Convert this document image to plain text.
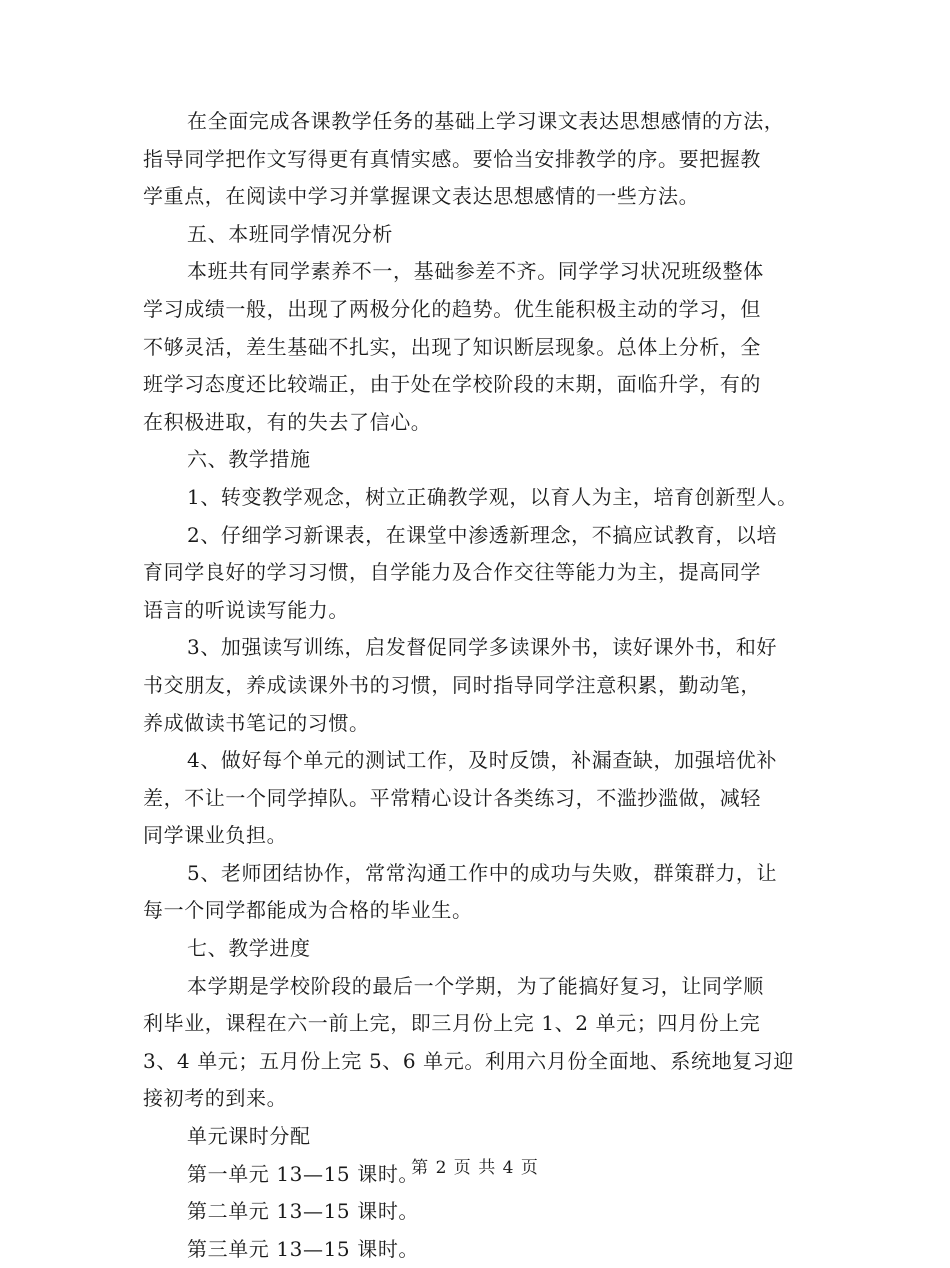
在全面完成各课教学任务的基础上学习课文表达思想感情的方法，
指导同学把作文写得更有真情实感。要恰当安排教学的序。要把握教
学重点，在阅读中学习并掌握课文表达思想感情的一些方法。

五、本班同学情况分析

本班共有同学素养不一，基础参差不齐。同学学习状况班级整体
学习成绩一般，出现了两极分化的趋势。优生能积极主动的学习，但
不够灵活，差生基础不扎实，出现了知识断层现象。总体上分析，全
班学习态度还比较端正，由于处在学校阶段的末期，面临升学，有的
在积极进取，有的失去了信心。

六、教学措施

1、转变教学观念，树立正确教学观，以育人为主，培育创新型人。

2、仔细学习新课表，在课堂中渗透新理念，不搞应试教育，以培
育同学良好的学习习惯，自学能力及合作交往等能力为主，提高同学
语言的听说读写能力。

3、加强读写训练，启发督促同学多读课外书，读好课外书，和好
书交朋友，养成读课外书的习惯，同时指导同学注意积累，勤动笔，
养成做读书笔记的习惯。

4、做好每个单元的测试工作，及时反馈，补漏查缺，加强培优补
差，不让一个同学掉队。平常精心设计各类练习，不滥抄滥做，减轻
同学课业负担。

5、老师团结协作，常常沟通工作中的成功与失败，群策群力，让
每一个同学都能成为合格的毕业生。

七、教学进度

本学期是学校阶段的最后一个学期，为了能搞好复习，让同学顺
利毕业，课程在六一前上完，即三月份上完 1、2 单元；四月份上完
3、4 单元；五月份上完 5、6 单元。利用六月份全面地、系统地复习迎
接初考的到来。

单元课时分配

第一单元 13—15 课时。

第二单元 13—15 课时。

第三单元 13—15 课时。

第 2 页 共 4 页
